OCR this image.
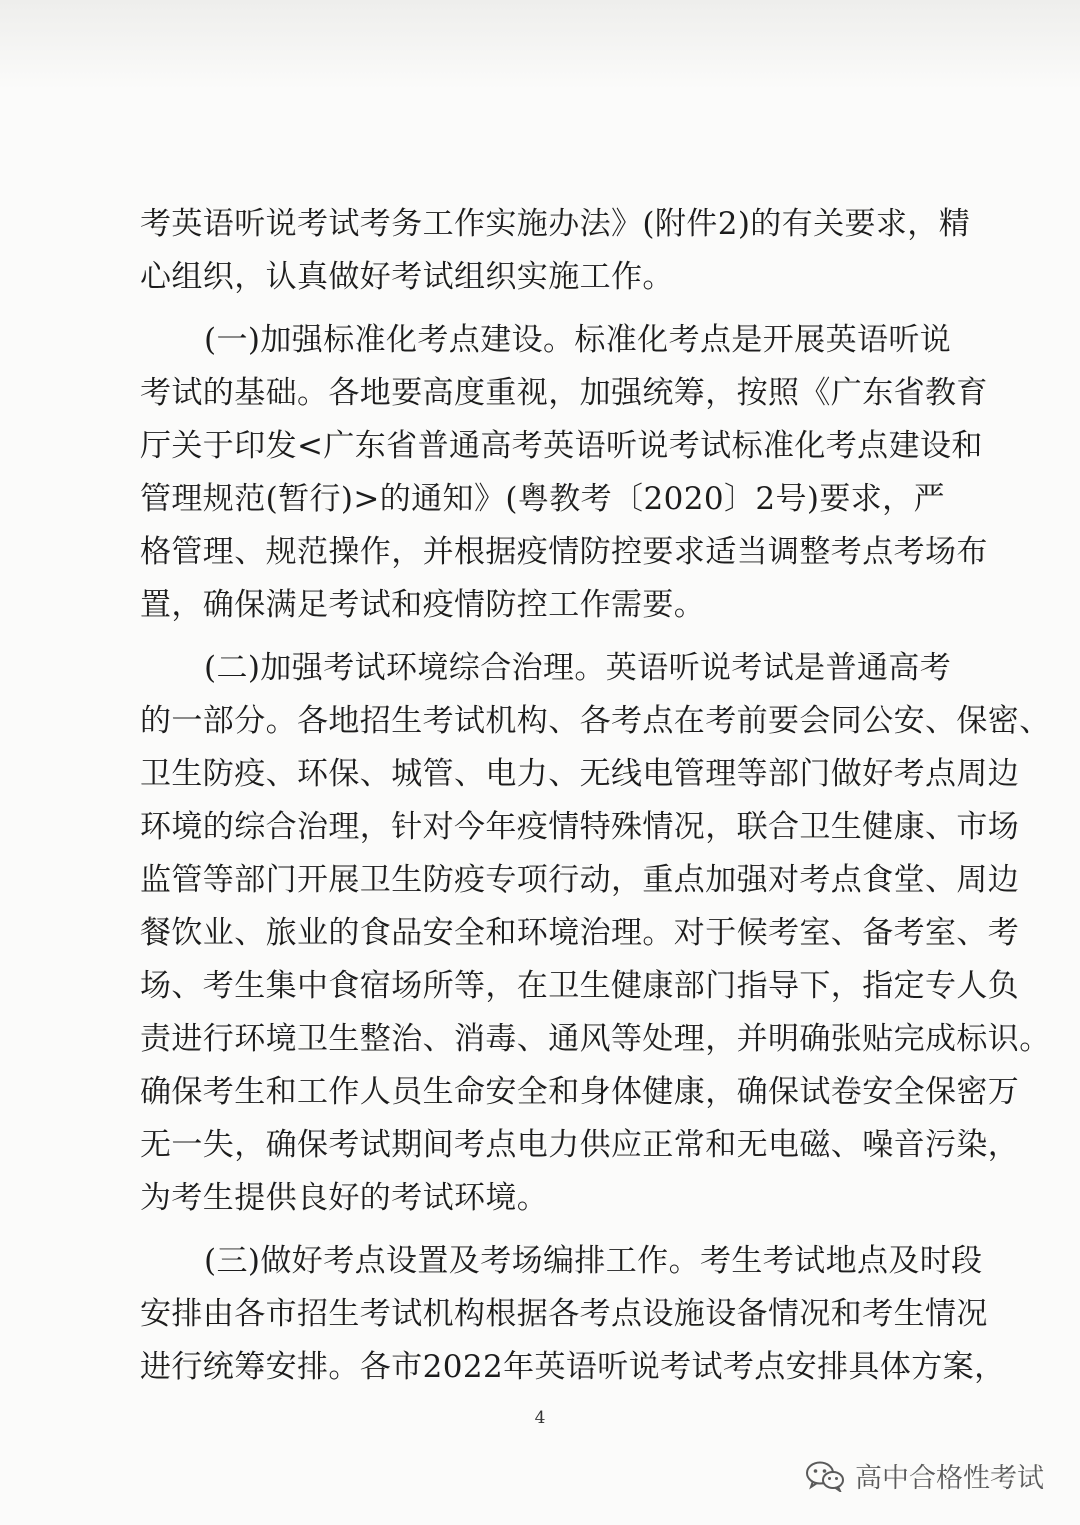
考英语听说考试考务工作实施办法》(附件2)的有关要求，精
心组织，认真做好考试组织实施工作。
(一)加强标准化考点建设。标准化考点是开展英语听说
考试的基础。各地要高度重视，加强统筹，按照《广东省教育
厅关于印发<广东省普通高考英语听说考试标准化考点建设和
管理规范(暂行)>的通知》(粤教考〔2020〕2号)要求，严
格管理、规范操作，并根据疫情防控要求适当调整考点考场布
置，确保满足考试和疫情防控工作需要。
(二)加强考试环境综合治理。英语听说考试是普通高考
的一部分。各地招生考试机构、各考点在考前要会同公安、保密、
卫生防疫、环保、城管、电力、无线电管理等部门做好考点周边
环境的综合治理，针对今年疫情特殊情况，联合卫生健康、市场
监管等部门开展卫生防疫专项行动，重点加强对考点食堂、周边
餐饮业、旅业的食品安全和环境治理。对于候考室、备考室、考
场、考生集中食宿场所等，在卫生健康部门指导下，指定专人负
责进行环境卫生整治、消毒、通风等处理，并明确张贴完成标识。
确保考生和工作人员生命安全和身体健康，确保试卷安全保密万
无一失，确保考试期间考点电力供应正常和无电磁、噪音污染，
为考生提供良好的考试环境。
(三)做好考点设置及考场编排工作。考生考试地点及时段
安排由各市招生考试机构根据各考点设施设备情况和考生情况
进行统筹安排。各市2022年英语听说考试考点安排具体方案，
4
高中合格性考试
